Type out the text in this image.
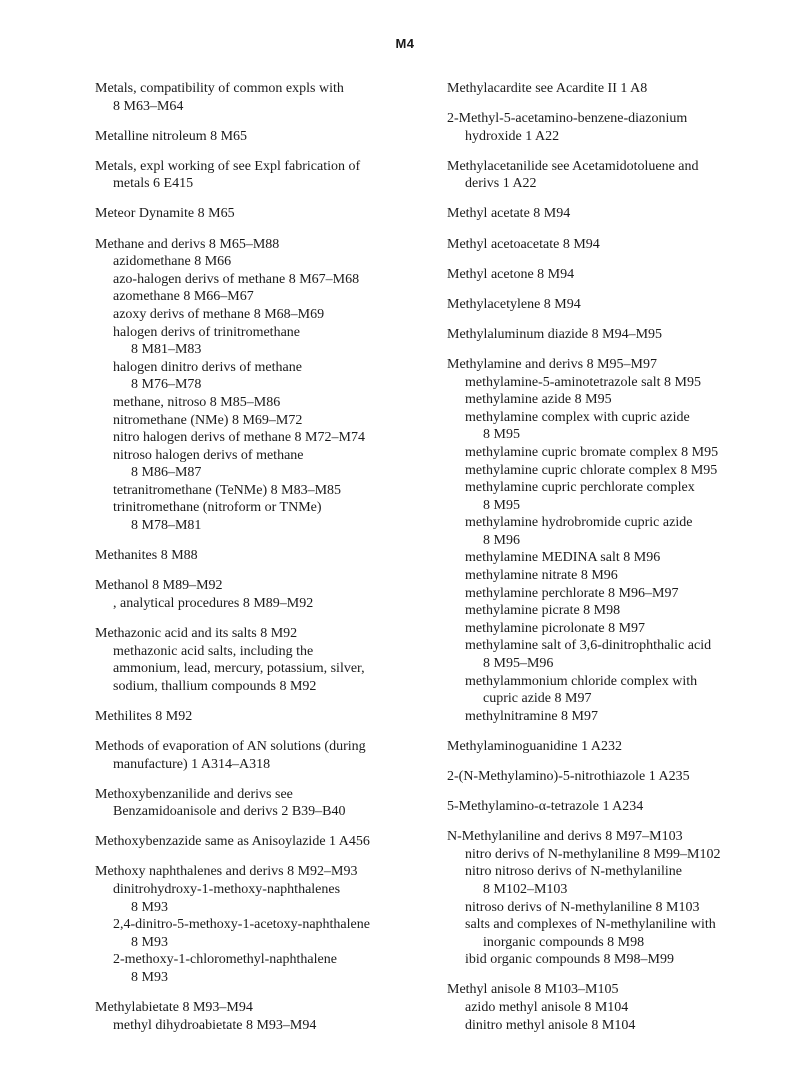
M4
Metals, compatibility of common expls with
8 M63–M64
Metalline nitroleum 8 M65
Metals, expl working of see Expl fabrication of
metals 6 E415
Meteor Dynamite 8 M65
Methane and derivs 8 M65–M88
azidomethane 8 M66
azo-halogen derivs of methane 8 M67–M68
azomethane 8 M66–M67
azoxy derivs of methane 8 M68–M69
halogen derivs of trinitromethane
8 M81–M83
halogen dinitro derivs of methane
8 M76–M78
methane, nitroso 8 M85–M86
nitromethane (NMe) 8 M69–M72
nitro halogen derivs of methane 8 M72–M74
nitroso halogen derivs of methane
8 M86–M87
tetranitromethane (TeNMe) 8 M83–M85
trinitromethane (nitroform or TNMe)
8 M78–M81
Methanites 8 M88
Methanol 8 M89–M92
, analytical procedures 8 M89–M92
Methazonic acid and its salts 8 M92
methazonic acid salts, including the
ammonium, lead, mercury, potassium, silver,
sodium, thallium compounds 8 M92
Methilites 8 M92
Methods of evaporation of AN solutions (during
manufacture) 1 A314–A318
Methoxybenzanilide and derivs see
Benzamidoanisole and derivs 2 B39–B40
Methoxybenzazide same as Anisoylazide 1 A456
Methoxy naphthalenes and derivs 8 M92–M93
dinitrohydroxy-1-methoxy-naphthalenes
8 M93
2,4-dinitro-5-methoxy-1-acetoxy-naphthalene
8 M93
2-methoxy-1-chloromethyl-naphthalene
8 M93
Methylabietate 8 M93–M94
methyl dihydroabietate 8 M93–M94
Methylacardite see Acardite II 1 A8
2-Methyl-5-acetamino-benzene-diazonium
hydroxide 1 A22
Methylacetanilide see Acetamidotoluene and
derivs 1 A22
Methyl acetate 8 M94
Methyl acetoacetate 8 M94
Methyl acetone 8 M94
Methylacetylene 8 M94
Methylaluminum diazide 8 M94–M95
Methylamine and derivs 8 M95–M97
methylamine-5-aminotetrazole salt 8 M95
methylamine azide 8 M95
methylamine complex with cupric azide
8 M95
methylamine cupric bromate complex 8 M95
methylamine cupric chlorate complex 8 M95
methylamine cupric perchlorate complex
8 M95
methylamine hydrobromide cupric azide
8 M96
methylamine MEDINA salt 8 M96
methylamine nitrate 8 M96
methylamine perchlorate 8 M96–M97
methylamine picrate 8 M98
methylamine picrolonate 8 M97
methylamine salt of 3,6-dinitrophthalic acid
8 M95–M96
methylammonium chloride complex with
cupric azide 8 M97
methylnitramine 8 M97
Methylaminoguanidine 1 A232
2-(N-Methylamino)-5-nitrothiazole 1 A235
5-Methylamino-α-tetrazole 1 A234
N-Methylaniline and derivs 8 M97–M103
nitro derivs of N-methylaniline 8 M99–M102
nitro nitroso derivs of N-methylaniline
8 M102–M103
nitroso derivs of N-methylaniline 8 M103
salts and complexes of N-methylaniline with
inorganic compounds 8 M98
ibid organic compounds 8 M98–M99
Methyl anisole 8 M103–M105
azido methyl anisole 8 M104
dinitro methyl anisole 8 M104
